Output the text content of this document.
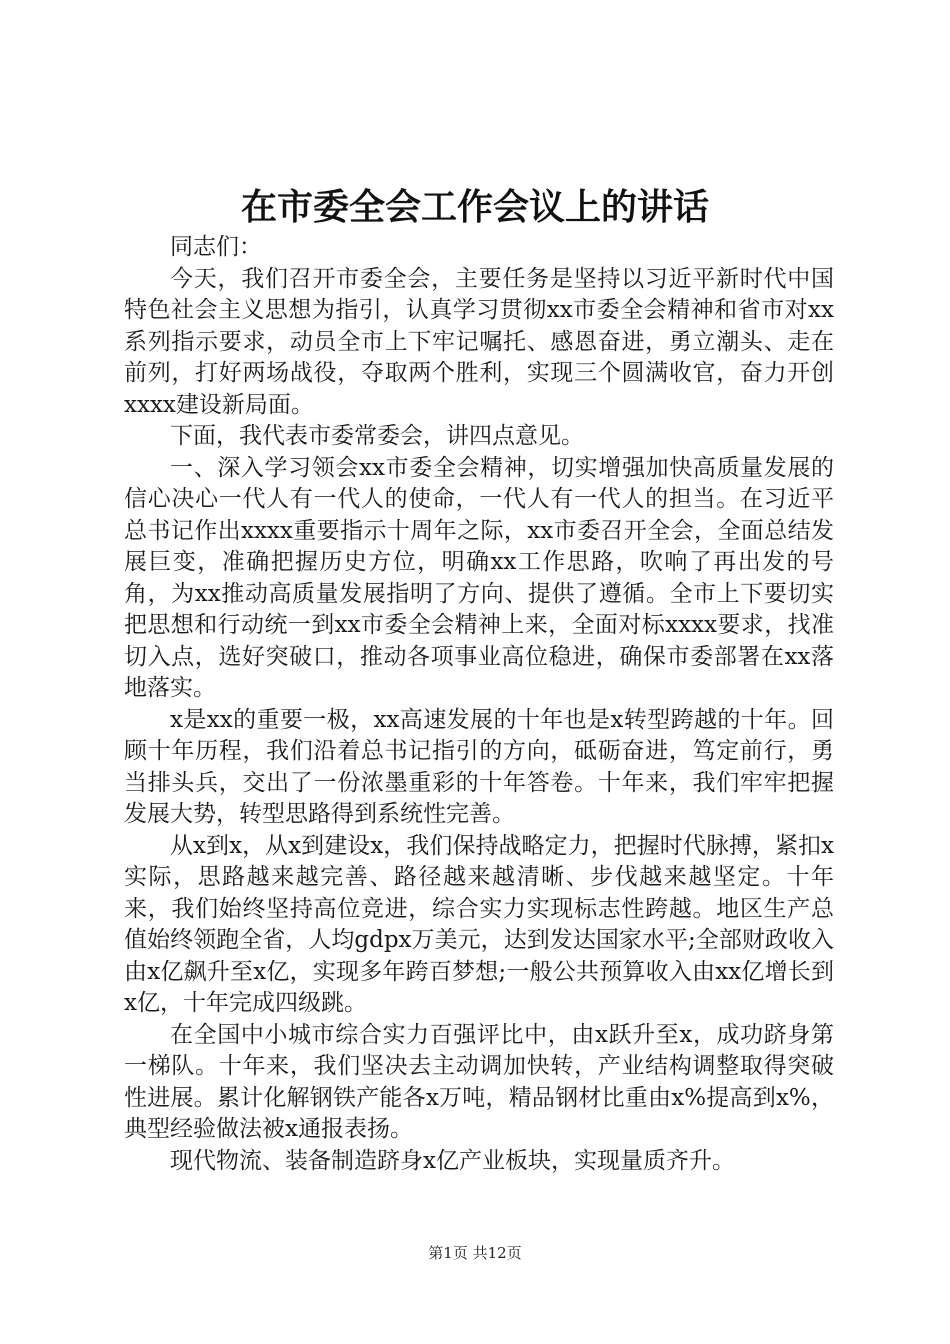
在市委全会工作会议上的讲话

同志们：

今天，我们召开市委全会，主要任务是坚持以习近平新时代中国特色社会主义思想为指引，认真学习贯彻xx市委全会精神和省市对xx系列指示要求，动员全市上下牢记嘱托、感恩奋进，勇立潮头、走在前列，打好两场战役，夺取两个胜利，实现三个圆满收官，奋力开创xxxx建设新局面。

下面，我代表市委常委会，讲四点意见。

一、深入学习领会xx市委全会精神，切实增强加快高质量发展的信心决心一代人有一代人的使命，一代人有一代人的担当。在习近平总书记作出xxxx重要指示十周年之际，xx市委召开全会，全面总结发展巨变，准确把握历史方位，明确xx工作思路，吹响了再出发的号角，为xx推动高质量发展指明了方向、提供了遵循。全市上下要切实把思想和行动统一到xx市委全会精神上来，全面对标xxxx要求，找准切入点，选好突破口，推动各项事业高位稳进，确保市委部署在xx落地落实。

x是xx的重要一极，xx高速发展的十年也是x转型跨越的十年。回顾十年历程，我们沿着总书记指引的方向，砥砺奋进，笃定前行，勇当排头兵，交出了一份浓墨重彩的十年答卷。十年来，我们牢牢把握发展大势，转型思路得到系统性完善。

从x到x，从x到建设x，我们保持战略定力，把握时代脉搏，紧扣x实际，思路越来越完善、路径越来越清晰、步伐越来越坚定。十年来，我们始终坚持高位竞进，综合实力实现标志性跨越。地区生产总值始终领跑全省，人均gdpx万美元，达到发达国家水平;全部财政收入由x亿飙升至x亿，实现多年跨百梦想;一般公共预算收入由xx亿增长到x亿，十年完成四级跳。

在全国中小城市综合实力百强评比中，由x跃升至x，成功跻身第一梯队。十年来，我们坚决去主动调加快转，产业结构调整取得突破性进展。累计化解钢铁产能各x万吨，精品钢材比重由x%提高到x%，典型经验做法被x通报表扬。

现代物流、装备制造跻身x亿产业板块，实现量质齐升。

第1页 共12页
